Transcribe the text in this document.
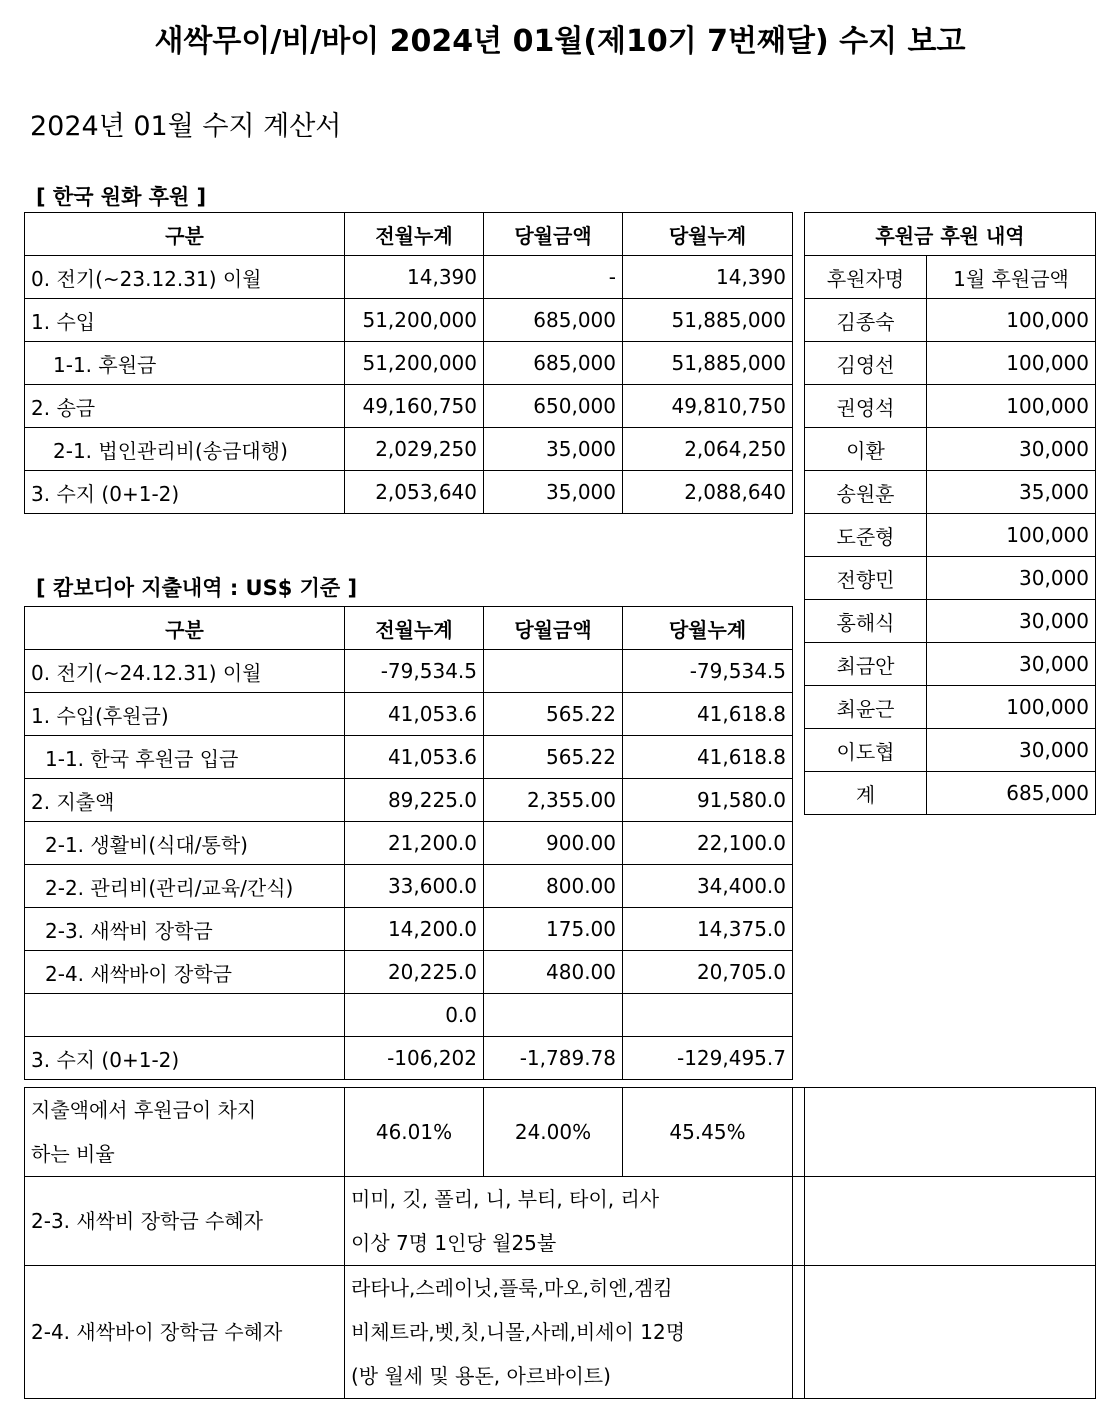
새싹무이/비/바이 2024년 01월(제10기 7번째달) 수지 보고
2024년 01월 수지 계산서
[ 한국 원화 후원 ]
구분	전월누계	당월금액	당월누계
0. 전기(~23.12.31) 이월	14,390	-	14,390
1. 수입	51,200,000	685,000	51,885,000
1-1. 후원금	51,200,000	685,000	51,885,000
2. 송금	49,160,750	650,000	49,810,750
2-1. 법인관리비(송금대행)	2,029,250	35,000	2,064,250
3. 수지 (0+1-2)	2,053,640	35,000	2,088,640
후원금 후원 내역	
후원자명	1월 후원금액
김종숙	100,000
김영선	100,000
권영석	100,000
이환	30,000
송원훈	35,000
도준형	100,000
전향민	30,000
홍해식	30,000
최금안	30,000
최윤근	100,000
이도협	30,000
계	685,000
[ 캄보디아 지출내역 : US$ 기준 ]
구분	전월누계	당월금액	당월누계
0. 전기(~24.12.31) 이월	-79,534.5		-79,534.5
1. 수입(후원금)	41,053.6	565.22	41,618.8
1-1. 한국 후원금 입금	41,053.6	565.22	41,618.8
2. 지출액	89,225.0	2,355.00	91,580.0
2-1. 생활비(식대/통학)	21,200.0	900.00	22,100.0
2-2. 관리비(관리/교육/간식)	33,600.0	800.00	34,400.0
2-3. 새싹비 장학금	14,200.0	175.00	14,375.0
2-4. 새싹바이 장학금	20,225.0	480.00	20,705.0
	0.0		
3. 수지 (0+1-2)	-106,202	-1,789.78	-129,495.7
지출액에서 후원금이 차지
하는 비율	46.01%	24.00%	45.45%		
2-3. 새싹비 장학금 수혜자	미미, 깃, 폴리, 니, 부티, 타이, 리사
이상 7명 1인당 월25불				

2-4. 새싹바이 장학금 수혜자	라타나,스레이닛,플룩,마오,히엔,겜킴
비체트라,벳,칫,니몰,사레,비세이 12명
(방 월세 및 용돈, 아르바이트)				
